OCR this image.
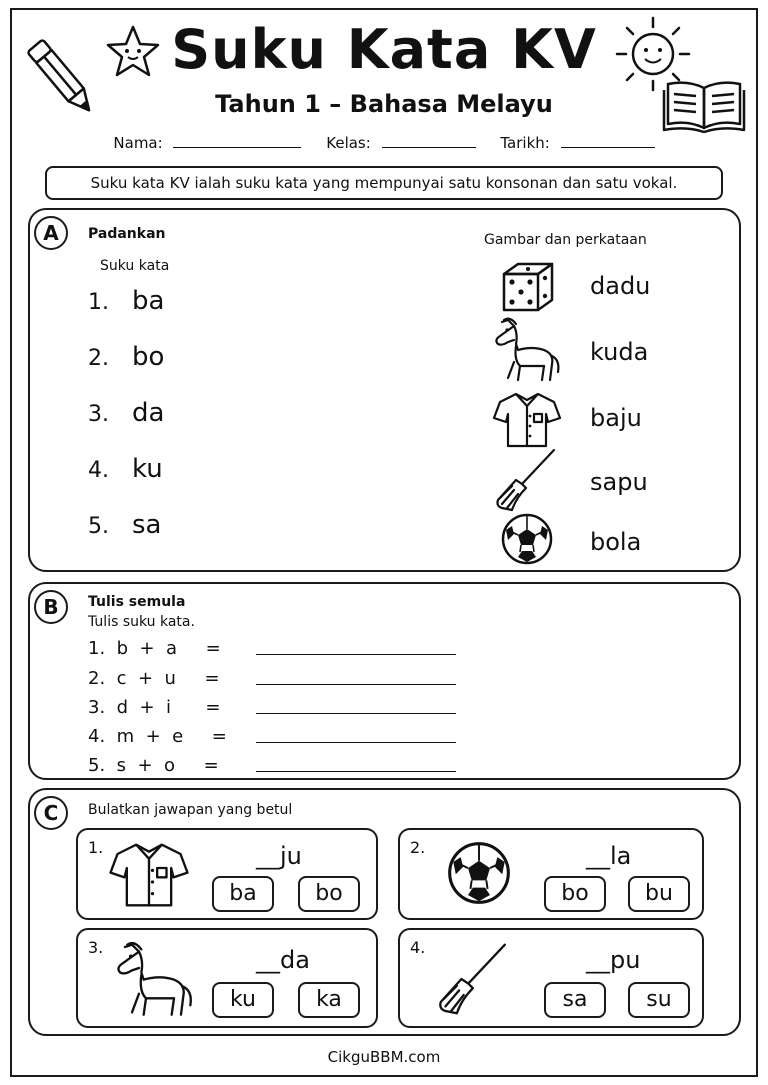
Suku Kata KV
Tahun 1 – Bahasa Melayu
Nama:	Kelas:	Tarikh:
Suku kata KV ialah suku kata yang mempunyai satu konsonan dan satu vokal.
A	Padankan
Suku kata
Gambar dan perkataan
1. ba
2. bo
3. da
4. ku
5. sa
dadu
kuda
baju
sapu
bola
B	Tulis semula
Tulis suku kata.
1.  b  +  a     =
2.  c  +  u     =
3.  d  +  i      =
4.  m  +  e     =
5.  s  +  o     =
C	Bulatkan jawapan yang betul
1.	__ju
ba	bo
2.	__la
bo	bu
3.	__da
ku	ka
4.	__pu
sa	su
CikguBBM.com
